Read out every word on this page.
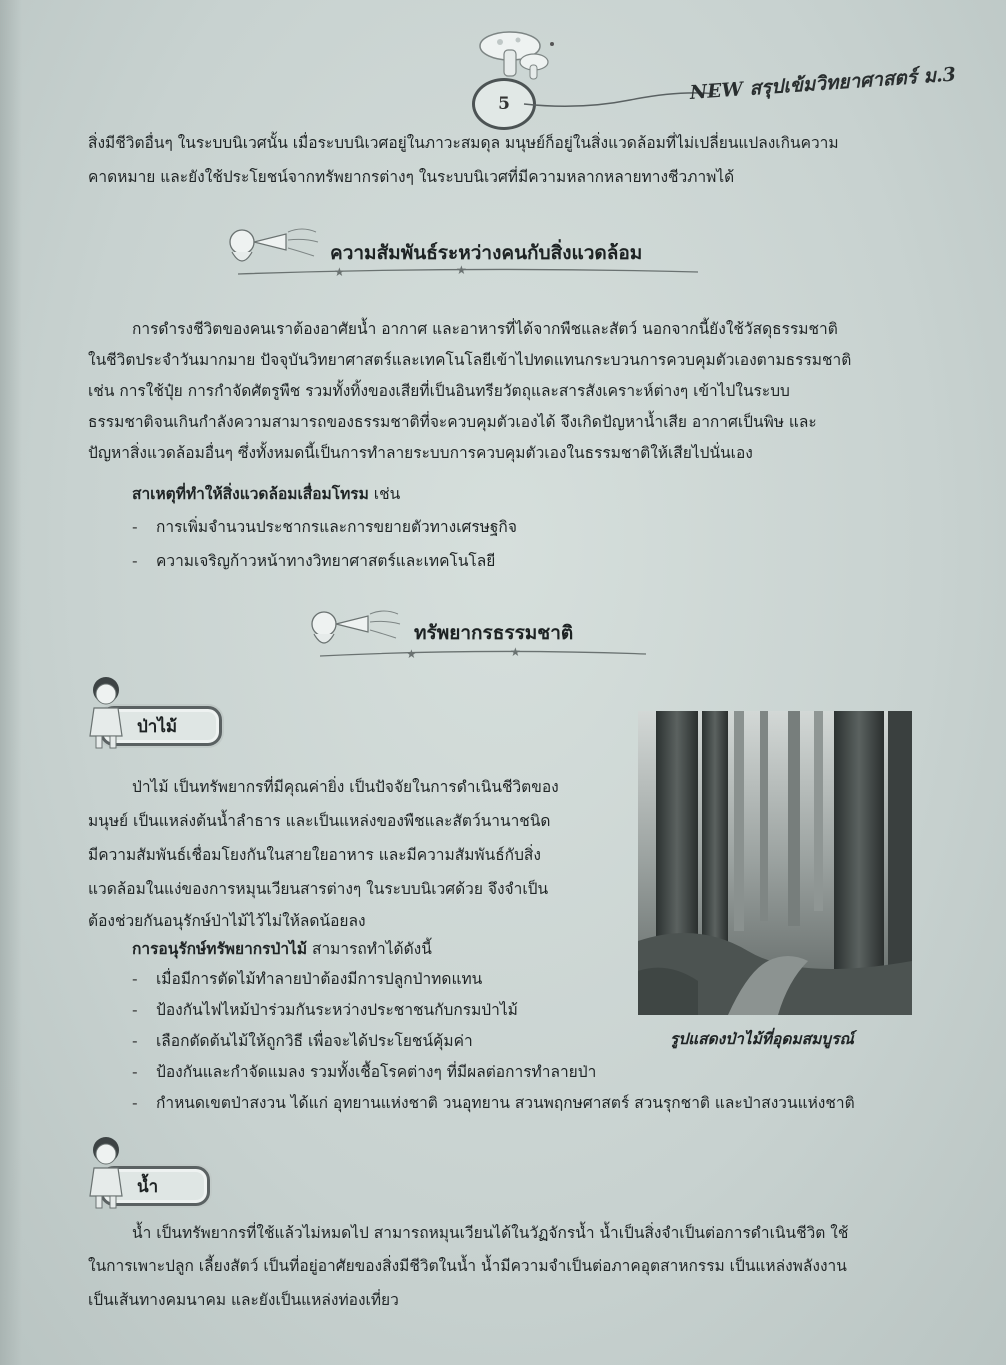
5
NEW สรุปเข้มวิทยาศาสตร์ ม.3
สิ่งมีชีวิตอื่นๆ ในระบบนิเวศนั้น เมื่อระบบนิเวศอยู่ในภาวะสมดุล มนุษย์ก็อยู่ในสิ่งแวดล้อมที่ไม่เปลี่ยนแปลงเกินความ
คาดหมาย และยังใช้ประโยชน์จากทรัพยากรต่างๆ ในระบบนิเวศที่มีความหลากหลายทางชีวภาพได้
ความสัมพันธ์ระหว่างคนกับสิ่งแวดล้อม
★	★
การดำรงชีวิตของคนเราต้องอาศัยน้ำ อากาศ และอาหารที่ได้จากพืชและสัตว์ นอกจากนี้ยังใช้วัสดุธรรมชาติ
ในชีวิตประจำวันมากมาย ปัจจุบันวิทยาศาสตร์และเทคโนโลยีเข้าไปทดแทนกระบวนการควบคุมตัวเองตามธรรมชาติ
เช่น การใช้ปุ๋ย การกำจัดศัตรูพืช รวมทั้งทิ้งของเสียที่เป็นอินทรียวัตถุและสารสังเคราะห์ต่างๆ เข้าไปในระบบ
ธรรมชาติจนเกินกำลังความสามารถของธรรมชาติที่จะควบคุมตัวเองได้ จึงเกิดปัญหาน้ำเสีย อากาศเป็นพิษ และ
ปัญหาสิ่งแวดล้อมอื่นๆ ซึ่งทั้งหมดนี้เป็นการทำลายระบบการควบคุมตัวเองในธรรมชาติให้เสียไปนั่นเอง
สาเหตุที่ทำให้สิ่งแวดล้อมเสื่อมโทรม เช่น
- การเพิ่มจำนวนประชากรและการขยายตัวทางเศรษฐกิจ
- ความเจริญก้าวหน้าทางวิทยาศาสตร์และเทคโนโลยี
ทรัพยากรธรรมชาติ
★	★
ป่าไม้
ป่าไม้ เป็นทรัพยากรที่มีคุณค่ายิ่ง เป็นปัจจัยในการดำเนินชีวิตของ
มนุษย์ เป็นแหล่งต้นน้ำลำธาร และเป็นแหล่งของพืชและสัตว์นานาชนิด
มีความสัมพันธ์เชื่อมโยงกันในสายใยอาหาร และมีความสัมพันธ์กับสิ่ง
แวดล้อมในแง่ของการหมุนเวียนสารต่างๆ ในระบบนิเวศด้วย จึงจำเป็น
ต้องช่วยกันอนุรักษ์ป่าไม้ไว้ไม่ให้ลดน้อยลง
การอนุรักษ์ทรัพยากรป่าไม้ สามารถทำได้ดังนี้
- เมื่อมีการตัดไม้ทำลายป่าต้องมีการปลูกป่าทดแทน
- ป้องกันไฟไหม้ป่าร่วมกันระหว่างประชาชนกับกรมป่าไม้
- เลือกตัดต้นไม้ให้ถูกวิธี เพื่อจะได้ประโยชน์คุ้มค่า
- ป้องกันและกำจัดแมลง รวมทั้งเชื้อโรคต่างๆ ที่มีผลต่อการทำลายป่า
- กำหนดเขตป่าสงวน ได้แก่ อุทยานแห่งชาติ วนอุทยาน สวนพฤกษศาสตร์ สวนรุกชาติ และป่าสงวนแห่งชาติ
รูปแสดงป่าไม้ที่อุดมสมบูรณ์
น้ำ
น้ำ เป็นทรัพยากรที่ใช้แล้วไม่หมดไป สามารถหมุนเวียนได้ในวัฏจักรน้ำ น้ำเป็นสิ่งจำเป็นต่อการดำเนินชีวิต ใช้
ในการเพาะปลูก เลี้ยงสัตว์ เป็นที่อยู่อาศัยของสิ่งมีชีวิตในน้ำ น้ำมีความจำเป็นต่อภาคอุตสาหกรรม เป็นแหล่งพลังงาน
เป็นเส้นทางคมนาคม และยังเป็นแหล่งท่องเที่ยว
